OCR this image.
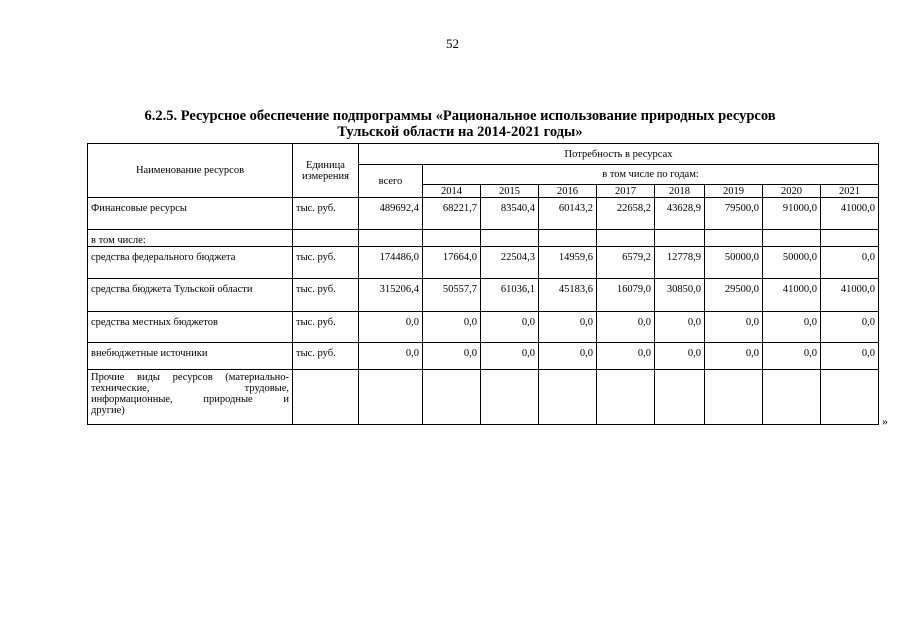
52
6.2.5. Ресурсное обеспечение подпрограммы «Рациональное использование природных ресурсов
Тульской области на 2014-2021 годы»
Наименование ресурсов	Единица измерения	Потребность в ресурсах								
		всего	в том числе по годам:							
			2014	2015	2016	2017	2018	2019	2020	2021
Финансовые ресурсы	тыс. руб.	489692,4	68221,7	83540,4	60143,2	22658,2	43628,9	79500,0	91000,0	41000,0
в том числе:										
средства федерального бюджета	тыс. руб.	174486,0	17664,0	22504,3	14959,6	6579,2	12778,9	50000,0	50000,0	0,0
средства бюджета Тульской области	тыс. руб.	315206,4	50557,7	61036,1	45183,6	16079,0	30850,0	29500,0	41000,0	41000,0
средства местных бюджетов	тыс. руб.	0,0	0,0	0,0	0,0	0,0	0,0	0,0	0,0	0,0
внебюджетные источники	тыс. руб.	0,0	0,0	0,0	0,0	0,0	0,0	0,0	0,0	0,0

Прочие виды ресурсов (материально-
технические, трудовые,
информационные, природные и
другие)										

»
